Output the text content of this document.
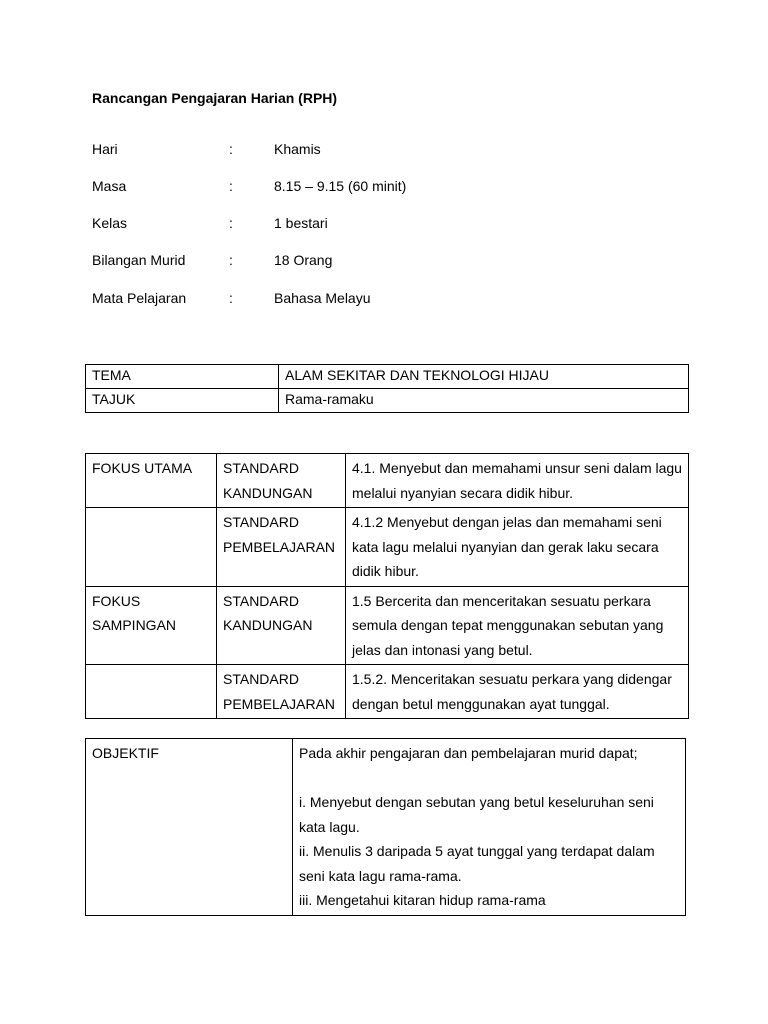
Rancangan Pengajaran Harian (RPH)
Hari	:	Khamis
Masa	:	8.15 – 9.15 (60 minit)
Kelas	:	1 bestari
Bilangan Murid	:	18 Orang
Mata Pelajaran	:	Bahasa Melayu
TEMA	ALAM SEKITAR DAN TEKNOLOGI HIJAU
TAJUK	Rama-ramaku
FOKUS UTAMA	STANDARD KANDUNGAN	4.1. Menyebut dan memahami unsur seni dalam lagu melalui nyanyian secara didik hibur.
	STANDARD PEMBELAJARAN	4.1.2 Menyebut dengan jelas dan memahami seni kata lagu melalui nyanyian dan gerak laku secara didik hibur.
FOKUS SAMPINGAN	STANDARD KANDUNGAN	1.5 Bercerita dan menceritakan sesuatu perkara semula dengan tepat menggunakan sebutan yang jelas dan intonasi yang betul.
	STANDARD PEMBELAJARAN	1.5.2. Menceritakan sesuatu perkara yang didengar dengan betul menggunakan ayat tunggal.
OBJEKTIF	Pada akhir pengajaran dan pembelajaran murid dapat;
i. Menyebut dengan sebutan yang betul keseluruhan seni kata lagu.
ii. Menulis 3 daripada 5 ayat tunggal yang terdapat dalam seni kata lagu rama-rama.
iii. Mengetahui kitaran hidup rama-rama
